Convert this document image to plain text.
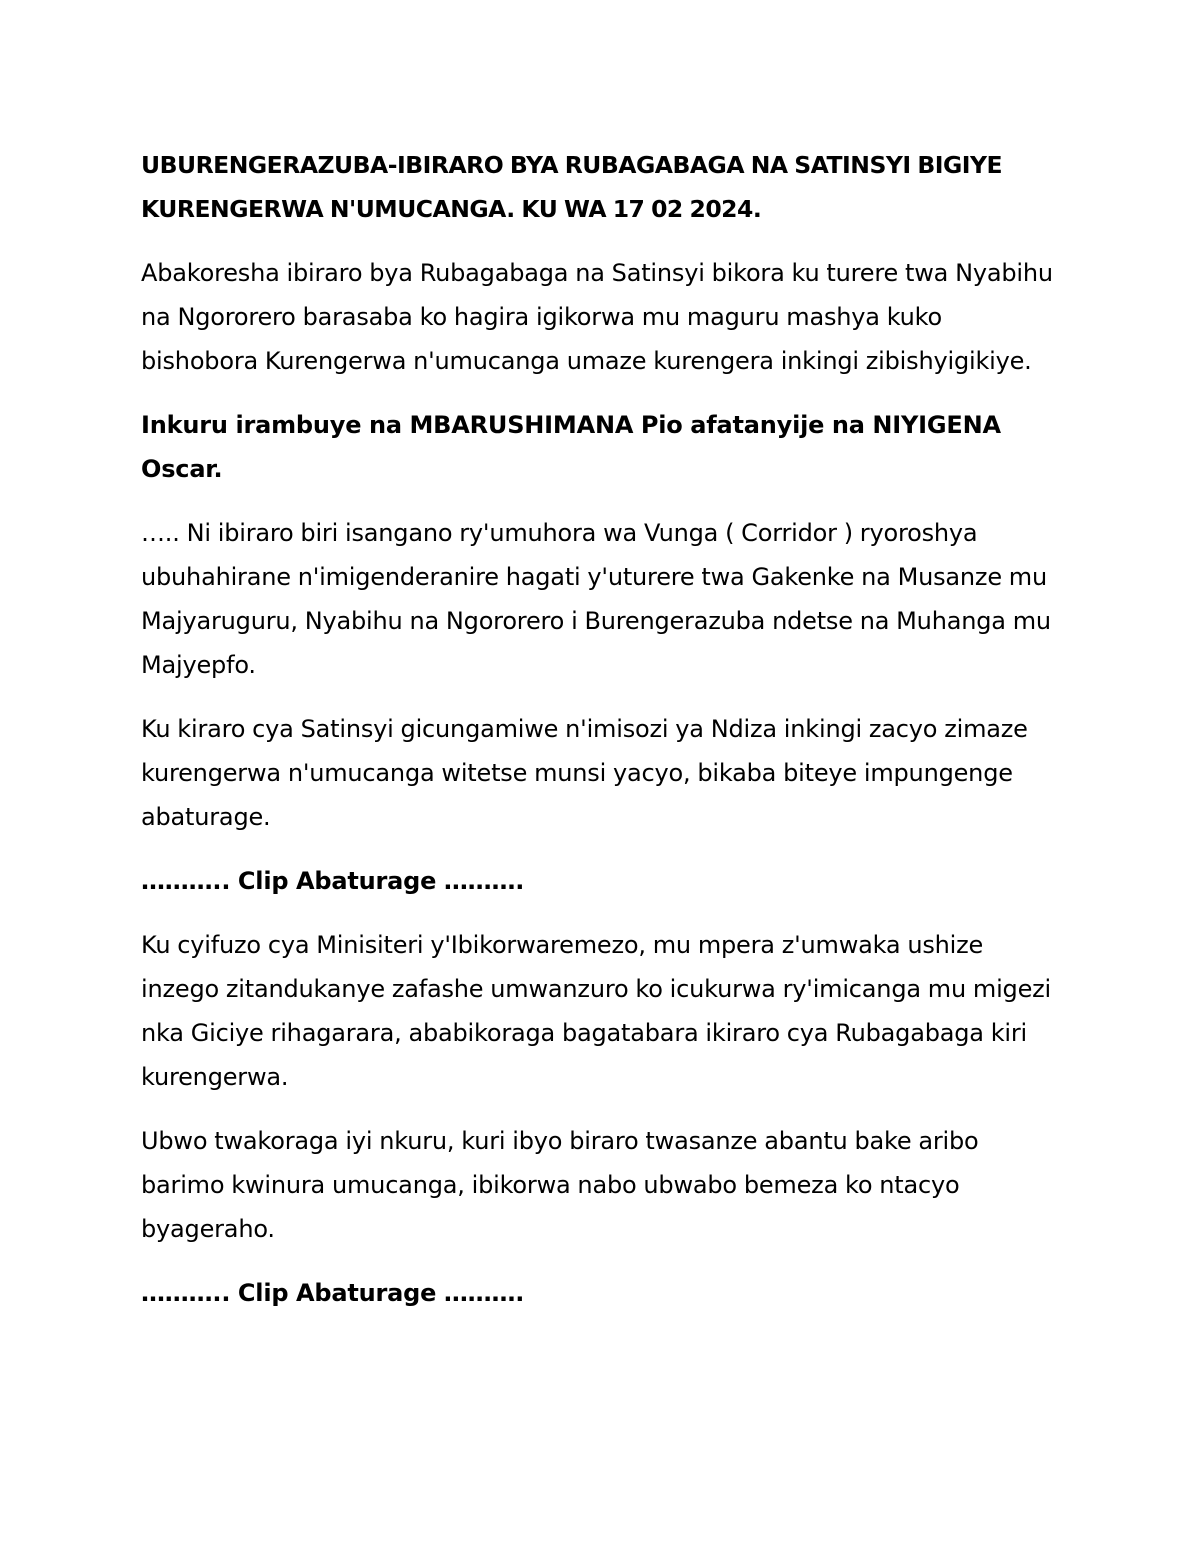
UBURENGERAZUBA-IBIRARO BYA RUBAGABAGA NA SATINSYI BIGIYE KURENGERWA N'UMUCANGA. KU WA 17 02 2024.

Abakoresha ibiraro bya Rubagabaga na Satinsyi bikora ku turere twa Nyabihu na Ngororero barasaba ko hagira igikorwa mu maguru mashya kuko bishobora Kurengerwa n'umucanga umaze kurengera inkingi zibishyigikiye.

Inkuru irambuye na MBARUSHIMANA Pio afatanyije na NIYIGENA Oscar.

….. Ni ibiraro biri isangano ry'umuhora wa Vunga ( Corridor ) ryoroshya ubuhahirane n'imigenderanire hagati y'uturere twa Gakenke na Musanze mu Majyaruguru, Nyabihu na Ngororero i Burengerazuba ndetse na Muhanga mu Majyepfo.

Ku kiraro cya Satinsyi gicungamiwe n'imisozi ya Ndiza inkingi zacyo zimaze kurengerwa n'umucanga witetse munsi yacyo, bikaba biteye impungenge abaturage.

……….. Clip Abaturage ……….

Ku cyifuzo cya Minisiteri y'Ibikorwaremezo, mu mpera z'umwaka ushize inzego zitandukanye zafashe umwanzuro ko icukurwa ry'imicanga mu migezi nka Giciye rihagarara, ababikoraga bagatabara ikiraro cya Rubagabaga kiri kurengerwa.

Ubwo twakoraga iyi nkuru, kuri ibyo biraro twasanze abantu bake aribo barimo kwinura umucanga, ibikorwa nabo ubwabo bemeza ko ntacyo byageraho.

……….. Clip Abaturage ……….
